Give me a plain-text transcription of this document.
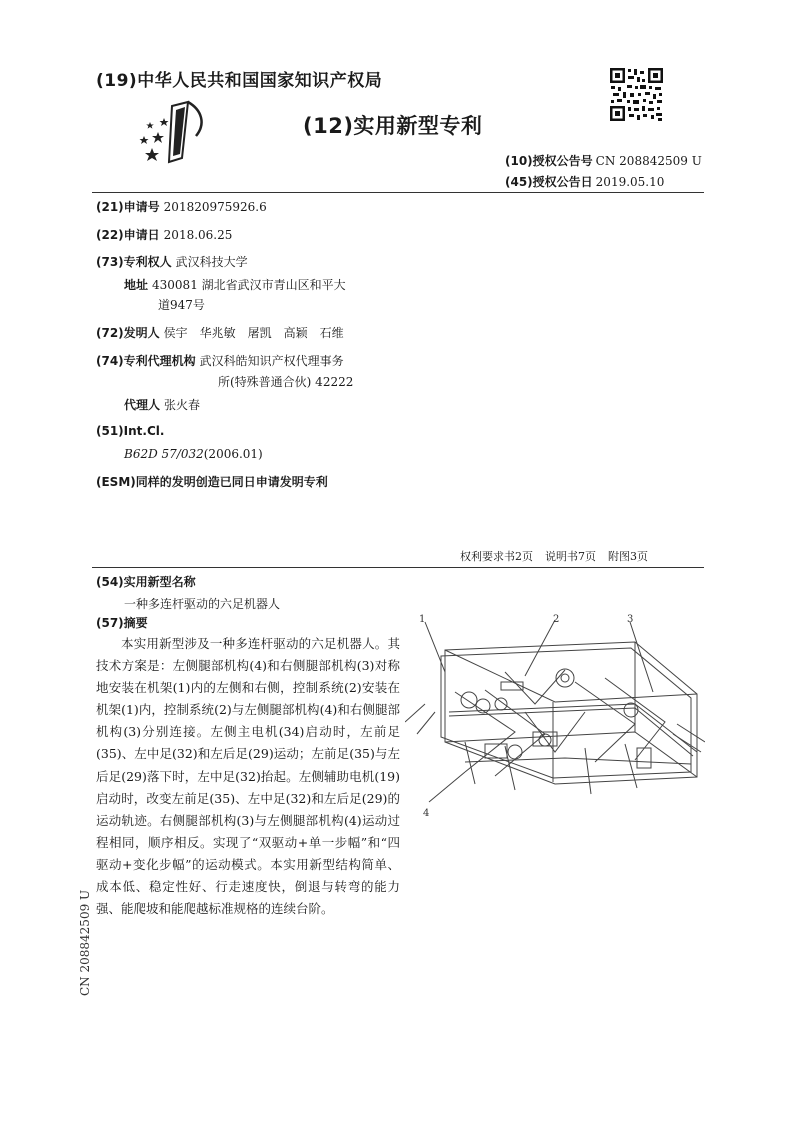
(19)中华人民共和国国家知识产权局
(12)实用新型专利
(10)授权公告号 CN 208842509 U
(45)授权公告日 2019.05.10
(21)申请号 201820975926.6
(22)申请日 2018.06.25
(73)专利权人 武汉科技大学
地址 430081 湖北省武汉市青山区和平大
道947号
(72)发明人 侯宇　华兆敏　屠凯　高颖　石维
(74)专利代理机构 武汉科皓知识产权代理事务
所(特殊普通合伙) 42222
代理人 张火春
(51)Int.Cl.
B62D 57/032(2006.01)
(ESM)同样的发明创造已同日申请发明专利
权利要求书2页 说明书7页 附图3页
(54)实用新型名称
一种多连杆驱动的六足机器人
(57)摘要

本实用新型涉及一种多连杆驱动的六足机器人。其技术方案是：左侧腿部机构(4)和右侧腿部机构(3)对称地安装在机架(1)内的左侧和右侧，控制系统(2)安装在机架(1)内，控制系统(2)与左侧腿部机构(4)和右侧腿部机构(3)分别连接。左侧主电机(34)启动时，左前足(35)、左中足(32)和左后足(29)运动；左前足(35)与左后足(29)落下时，左中足(32)抬起。左侧辅助电机(19)启动时，改变左前足(35)、左中足(32)和左后足(29)的运动轨迹。右侧腿部机构(3)与左侧腿部机构(4)运动过程相同，顺序相反。实现了“双驱动+单一步幅”和“四驱动+变化步幅”的运动模式。本实用新型结构简单、成本低、稳定性好、行走速度快，倒退与转弯的能力强、能爬坡和能爬越标准规格的连续台阶。

1	2	3
4
CN 208842509 U
